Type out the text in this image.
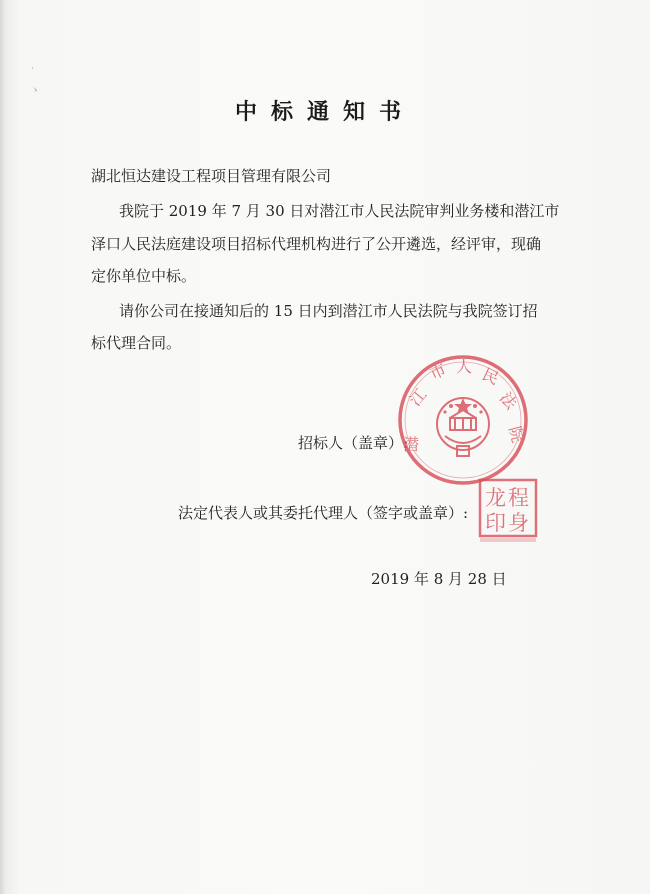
˙
ゝ
中标通知书
湖北恒达建设工程项目管理有限公司
我院于 2019 年 7 月 30 日对潜江市人民法院审判业务楼和潜江市
泽口人民法庭建设项目招标代理机构进行了公开遴选，经评审，现确
定你单位中标。
请你公司在接通知后的 15 日内到潜江市人民法院与我院签订招
标代理合同。
招标人（盖章）:
法定代表人或其委托代理人（签字或盖章）:
2019 年 8 月 28 日
潜
江
市 人 民
法
院
龙程
印身
